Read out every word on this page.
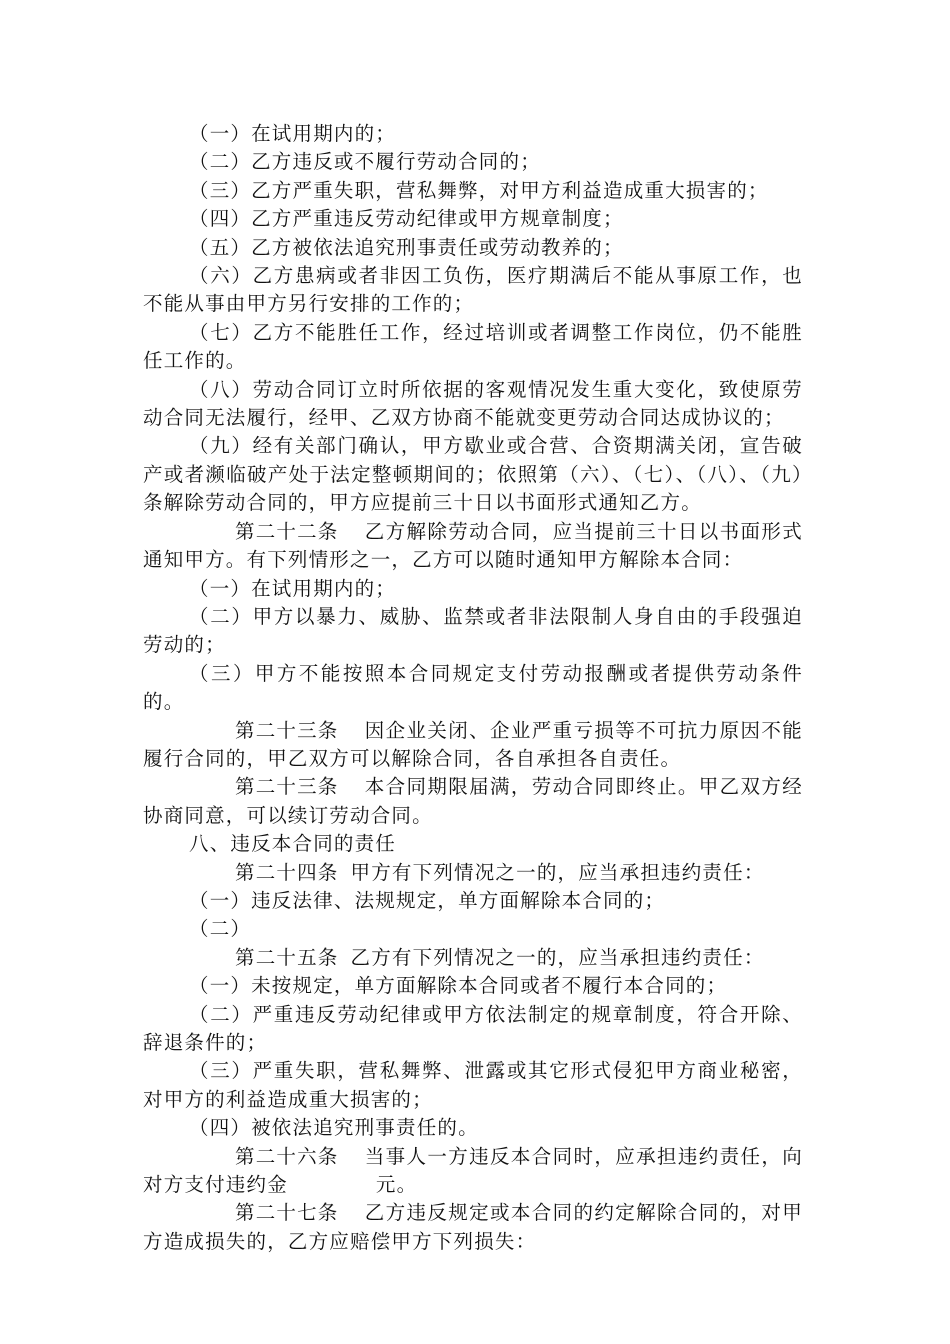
（一）在试用期内的；

（二）乙方违反或不履行劳动合同的；

（三）乙方严重失职，营私舞弊，对甲方利益造成重大损害的；

（四）乙方严重违反劳动纪律或甲方规章制度；

（五）乙方被依法追究刑事责任或劳动教养的；

（六）乙方患病或者非因工负伤，医疗期满后不能从事原工作，也不能从事由甲方另行安排的工作的；

（七）乙方不能胜任工作，经过培训或者调整工作岗位，仍不能胜任工作的。

（八）劳动合同订立时所依据的客观情况发生重大变化，致使原劳动合同无法履行，经甲、乙双方协商不能就变更劳动合同达成协议的；

（九）经有关部门确认，甲方歇业或合营、合资期满关闭，宣告破产或者濒临破产处于法定整顿期间的；依照第（六）、（七）、（八）、（九）条解除劳动合同的，甲方应提前三十日以书面形式通知乙方。

第二十二条 乙方解除劳动合同，应当提前三十日以书面形式通知甲方。有下列情形之一，乙方可以随时通知甲方解除本合同：

（一）在试用期内的；

（二）甲方以暴力、威胁、监禁或者非法限制人身自由的手段强迫劳动的；

（三）甲方不能按照本合同规定支付劳动报酬或者提供劳动条件的。

第二十三条 因企业关闭、企业严重亏损等不可抗力原因不能履行合同的，甲乙双方可以解除合同，各自承担各自责任。

第二十三条 本合同期限届满，劳动合同即终止。甲乙双方经协商同意，可以续订劳动合同。

八、违反本合同的责任

第二十四条 甲方有下列情况之一的，应当承担违约责任：

（一）违反法律、法规规定，单方面解除本合同的；

（二）

第二十五条 乙方有下列情况之一的，应当承担违约责任：

（一）未按规定，单方面解除本合同或者不履行本合同的；

（二）严重违反劳动纪律或甲方依法制定的规章制度，符合开除、辞退条件的；

（三）严重失职，营私舞弊、泄露或其它形式侵犯甲方商业秘密，对甲方的利益造成重大损害的；

（四）被依法追究刑事责任的。

第二十六条 当事人一方违反本合同时，应承担违约责任，向对方支付违约金	元。

第二十七条 乙方违反规定或本合同的约定解除合同的，对甲方造成损失的，乙方应赔偿甲方下列损失：
